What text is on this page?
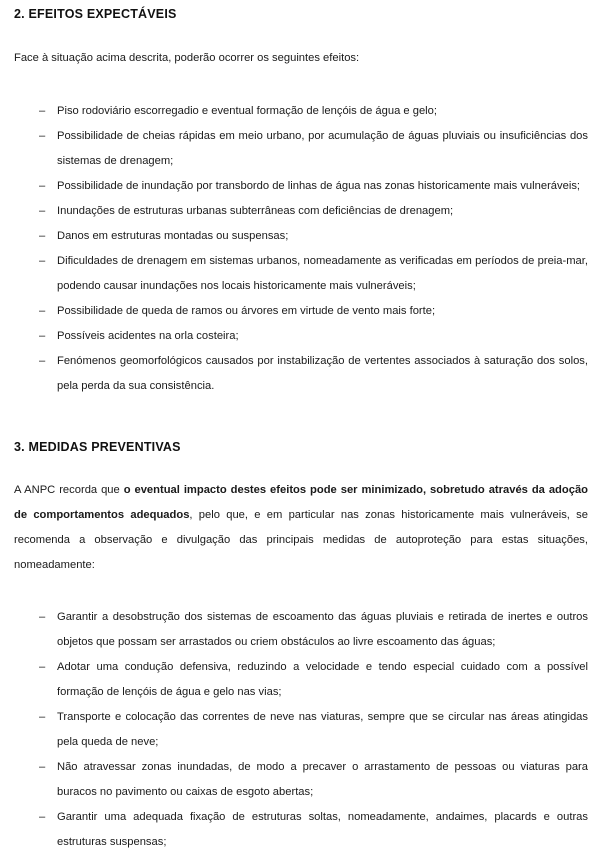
2. EFEITOS EXPECTÁVEIS

Face à situação acima descrita, poderão ocorrer os seguintes efeitos:

– Piso rodoviário escorregadio e eventual formação de lençóis de água e gelo;
– Possibilidade de cheias rápidas em meio urbano, por acumulação de águas pluviais ou insuficiências dos sistemas de drenagem;
– Possibilidade de inundação por transbordo de linhas de água nas zonas historicamente mais vulneráveis;
– Inundações de estruturas urbanas subterrâneas com deficiências de drenagem;
– Danos em estruturas montadas ou suspensas;
– Dificuldades de drenagem em sistemas urbanos, nomeadamente as verificadas em períodos de preia-mar, podendo causar inundações nos locais historicamente mais vulneráveis;
– Possibilidade de queda de ramos ou árvores em virtude de vento mais forte;
– Possíveis acidentes na orla costeira;
– Fenómenos geomorfológicos causados por instabilização de vertentes associados à saturação dos solos, pela perda da sua consistência.
3. MEDIDAS PREVENTIVAS

A ANPC recorda que o eventual impacto destes efeitos pode ser minimizado, sobretudo através da adoção de comportamentos adequados, pelo que, e em particular nas zonas historicamente mais vulneráveis, se recomenda a observação e divulgação das principais medidas de autoproteção para estas situações, nomeadamente:

– Garantir a desobstrução dos sistemas de escoamento das águas pluviais e retirada de inertes e outros objetos que possam ser arrastados ou criem obstáculos ao livre escoamento das águas;
– Adotar uma condução defensiva, reduzindo a velocidade e tendo especial cuidado com a possível formação de lençóis de água e gelo nas vias;
– Transporte e colocação das correntes de neve nas viaturas, sempre que se circular nas áreas atingidas pela queda de neve;
– Não atravessar zonas inundadas, de modo a precaver o arrastamento de pessoas ou viaturas para buracos no pavimento ou caixas de esgoto abertas;
– Garantir uma adequada fixação de estruturas soltas, nomeadamente, andaimes, placards e outras estruturas suspensas;
